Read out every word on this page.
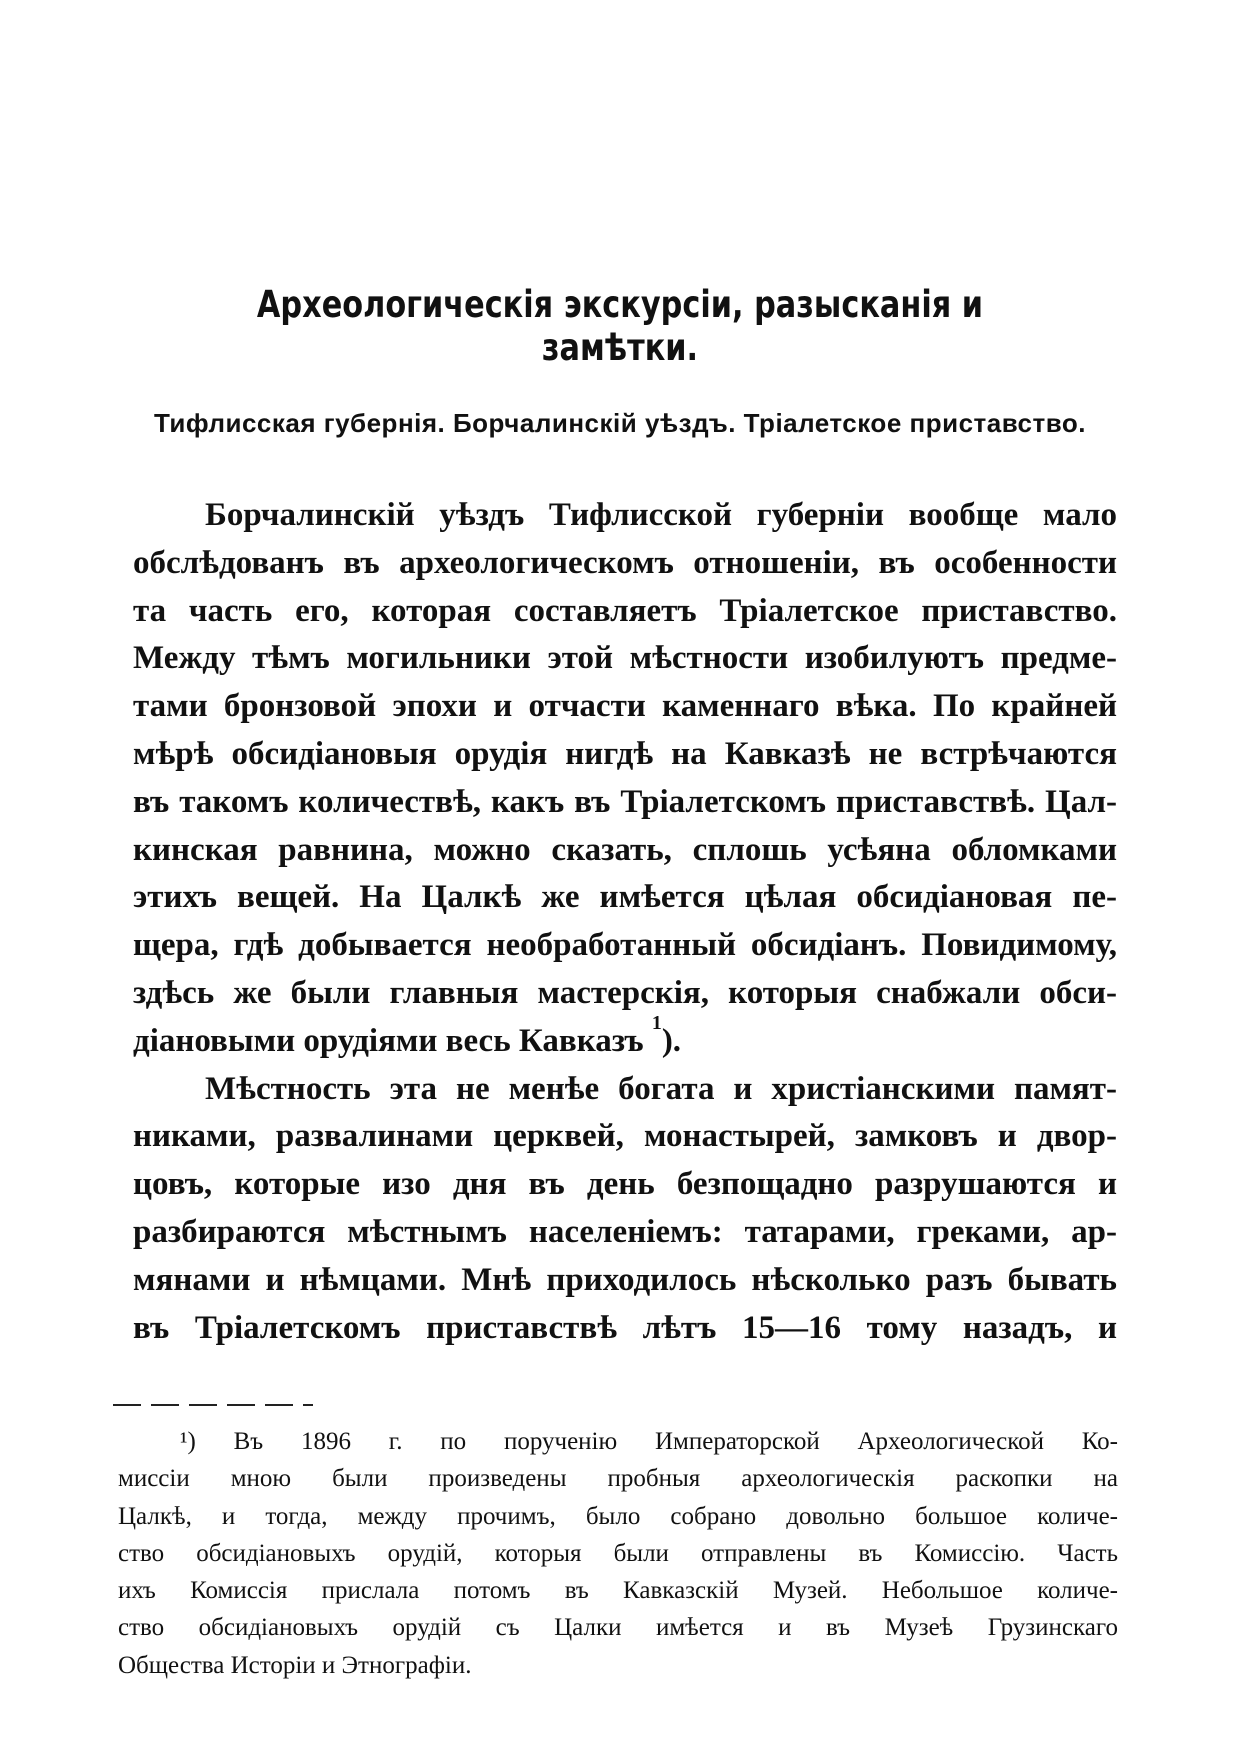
Археологическія экскурсіи, разысканія и замѣтки.
Тифлисская губернія. Борчалинскій уѣздъ. Тріалетское приставство.
Борчалинскій уѣздъ Тифлисской губерніи вообще мало
обслѣдованъ въ археологическомъ отношеніи, въ особенности
та часть его, которая составляетъ Тріалетское приставство.
Между тѣмъ могильники этой мѣстности изобилуютъ предме-
тами бронзовой эпохи и отчасти каменнаго вѣка. По крайней
мѣрѣ обсидіановыя орудія нигдѣ на Кавказѣ не встрѣчаются
въ такомъ количествѣ, какъ въ Тріалетскомъ приставствѣ. Цал-
кинская равнина, можно сказать, сплошь усѣяна обломками
этихъ вещей. На Цалкѣ же имѣется цѣлая обсидіановая пе-
щера, гдѣ добывается необработанный обсидіанъ. Повидимому,
здѣсь же были главныя мастерскія, которыя снабжали обси-
діановыми орудіями весь Кавказъ $^1$).
Мѣстность эта не менѣе богата и христіанскими памят-
никами, развалинами церквей, монастырей, замковъ и двор-
цовъ, которые изо дня въ день безпощадно разрушаются и
разбираются мѣстнымъ населеніемъ: татарами, греками, ар-
мянами и нѣмцами. Мнѣ приходилось нѣсколько разъ бывать
въ Тріалетскомъ приставствѣ лѣтъ 15—16 тому назадъ, и
¹) Въ 1896 г. по порученію Императорской Археологической Ко-
миссіи мною были произведены пробныя археологическія раскопки на
Цалкѣ, и тогда, между прочимъ, было собрано довольно большое количе-
ство обсидіановыхъ орудій, которыя были отправлены въ Комиссію. Часть
ихъ Комиссія прислала потомъ въ Кавказскій Музей. Небольшое количе-
ство обсидіановыхъ орудій съ Цалки имѣется и въ Музеѣ Грузинскаго
Общества Исторіи и Этнографіи.
